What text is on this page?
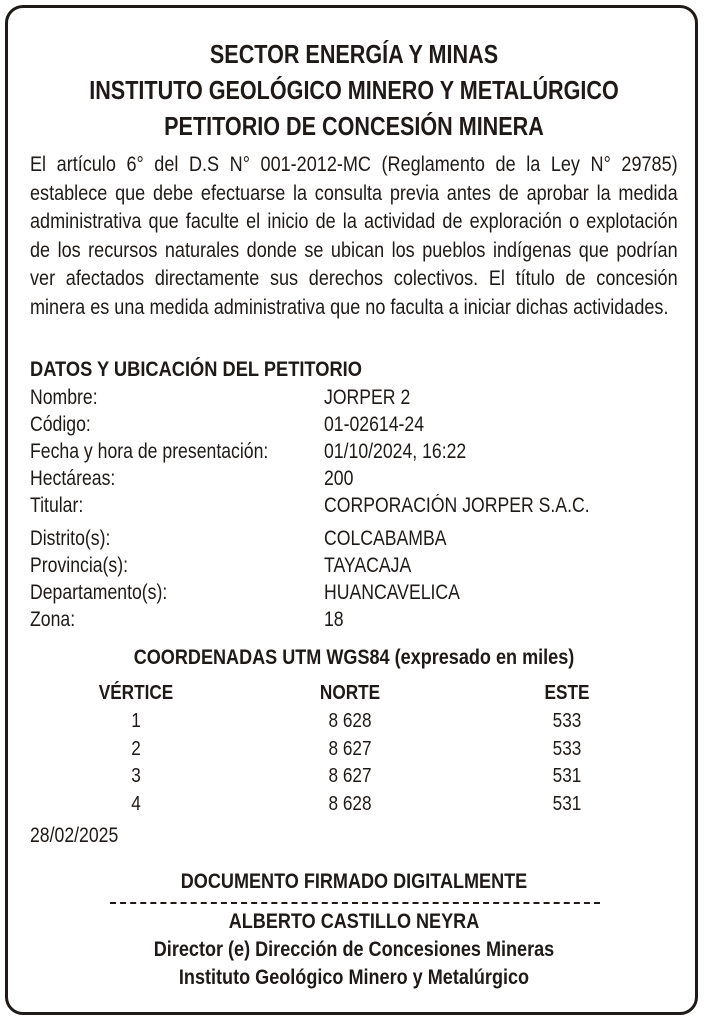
SECTOR ENERGÍA Y MINAS
INSTITUTO GEOLÓGICO MINERO Y METALÚRGICO
PETITORIO DE CONCESIÓN MINERA
El artículo 6° del D.S N° 001-2012-MC (Reglamento de la Ley N° 29785) establece que debe efectuarse la consulta previa antes de aprobar la medida administrativa que faculte el inicio de la actividad de exploración o explotación de los recursos naturales donde se ubican los pueblos indígenas que podrían ver afectados directamente sus derechos colectivos. El título de concesión minera es una medida administrativa que no faculta a iniciar dichas actividades.
DATOS Y UBICACIÓN DEL PETITORIO
Nombre:	JORPER 2
Código:	01-02614-24
Fecha y hora de presentación:	01/10/2024, 16:22
Hectáreas:	200
Titular:	CORPORACIÓN JORPER S.A.C.
Distrito(s):	COLCABAMBA
Provincia(s):	TAYACAJA
Departamento(s):	HUANCAVELICA
Zona:	18
COORDENADAS UTM WGS84 (expresado en miles)
VÉRTICE	NORTE	ESTE
1	8 628	533
2	8 627	533
3	8 627	531
4	8 628	531
28/02/2025
DOCUMENTO FIRMADO DIGITALMENTE
ALBERTO CASTILLO NEYRA
Director (e) Dirección de Concesiones Mineras
Instituto Geológico Minero y Metalúrgico
